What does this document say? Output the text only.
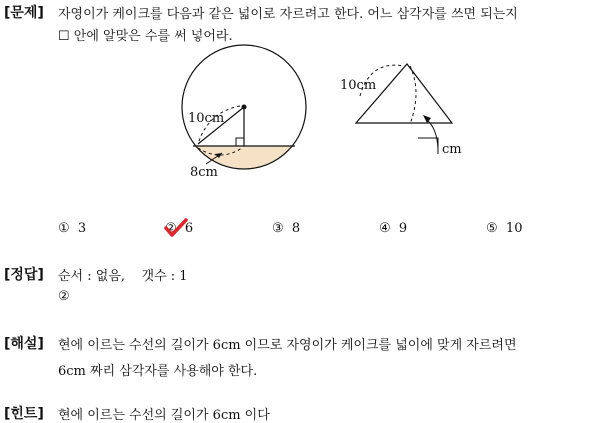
[문제] 자영이가 케이크를 다음과 같은 넓이로 자르려고 한다. 어느 삼각자를 쓰면 되는지
☐ 안에 알맞은 수를 써 넣어라.
10cm
8cm
10cm
cm
① 3	② 6	③ 8	④ 9	⑤ 10
[정답] 순서 : 없음,    갯수 : 1
②
[해설] 현에 이르는 수선의 길이가 6cm 이므로 자영이가 케이크를 넓이에 맞게 자르려면
6cm 짜리 삼각자를 사용해야 한다.
[힌트] 현에 이르는 수선의 길이가 6cm 이다
